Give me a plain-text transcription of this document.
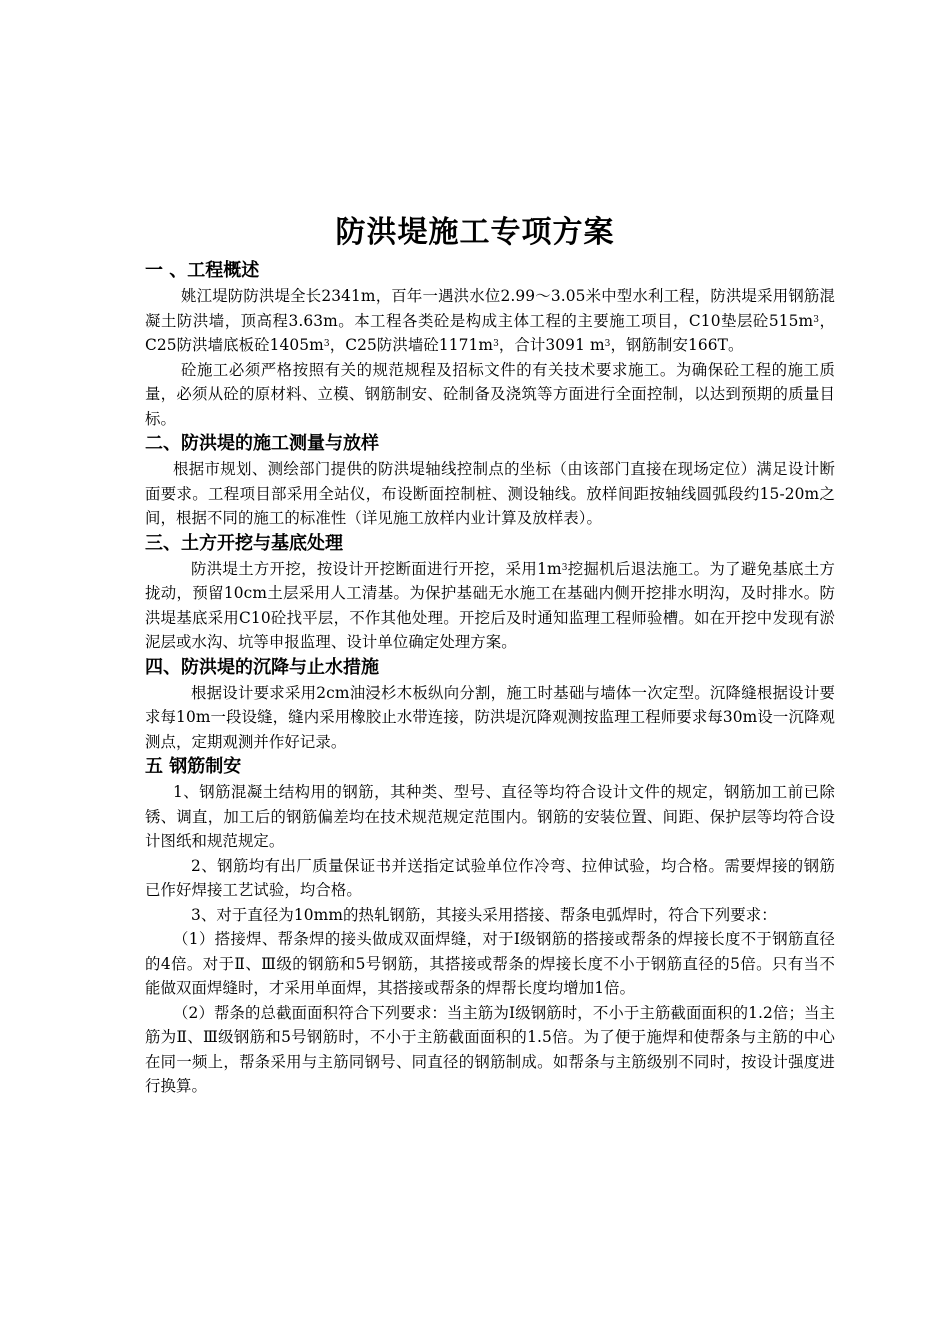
防洪堤施工专项方案
一 、工程概述

姚江堤防防洪堤全长2341m，百年一遇洪水位2.99～3.05米中型水利工程，防洪堤采用钢筋混凝土防洪墙，顶高程3.63m。本工程各类砼是构成主体工程的主要施工项目，C10垫层砼$515m^3$，C25防洪墙底板砼$1405m^3$，C25防洪墙砼$1171m^3$，合计3091 $m^3$，钢筋制安166T。

砼施工必须严格按照有关的规范规程及招标文件的有关技术要求施工。为确保砼工程的施工质量，必须从砼的原材料、立模、钢筋制安、砼制备及浇筑等方面进行全面控制，以达到预期的质量目标。

二、防洪堤的施工测量与放样

根据市规划、测绘部门提供的防洪堤轴线控制点的坐标（由该部门直接在现场定位）满足设计断面要求。工程项目部采用全站仪，布设断面控制桩、测设轴线。放样间距按轴线圆弧段约15-20m之间，根据不同的施工的标准性（详见施工放样内业计算及放样表）。

三、土方开挖与基底处理

防洪堤土方开挖，按设计开挖断面进行开挖，采用$1m^3$挖掘机后退法施工。为了避免基底土方拢动，预留10cm土层采用人工清基。为保护基础无水施工在基础内侧开挖排水明沟，及时排水。防洪堤基底采用C10砼找平层，不作其他处理。开挖后及时通知监理工程师验槽。如在开挖中发现有淤泥层或水沟、坑等申报监理、设计单位确定处理方案。

四、防洪堤的沉降与止水措施

根据设计要求采用2cm油浸杉木板纵向分割，施工时基础与墙体一次定型。沉降缝根据设计要求每10m一段设缝，缝内采用橡胶止水带连接，防洪堤沉降观测按监理工程师要求每30m设一沉降观测点，定期观测并作好记录。

五 钢筋制安

1、钢筋混凝土结构用的钢筋，其种类、型号、直径等均符合设计文件的规定，钢筋加工前已除锈、调直，加工后的钢筋偏差均在技术规范规定范围内。钢筋的安装位置、间距、保护层等均符合设计图纸和规范规定。

2、钢筋均有出厂质量保证书并送指定试验单位作冷弯、拉伸试验，均合格。需要焊接的钢筋已作好焊接工艺试验，均合格。

3、对于直径为10mm的热轧钢筋，其接头采用搭接、帮条电弧焊时，符合下列要求：

（1）搭接焊、帮条焊的接头做成双面焊缝，对于Ⅰ级钢筋的搭接或帮条的焊接长度不于钢筋直径的4倍。对于Ⅱ、Ⅲ级的钢筋和5号钢筋，其搭接或帮条的焊接长度不小于钢筋直径的5倍。只有当不能做双面焊缝时，才采用单面焊，其搭接或帮条的焊帮长度均增加1倍。

（2）帮条的总截面面积符合下列要求：当主筋为Ⅰ级钢筋时，不小于主筋截面面积的1.2倍；当主筋为Ⅱ、Ⅲ级钢筋和5号钢筋时，不小于主筋截面面积的1.5倍。为了便于施焊和使帮条与主筋的中心在同一频上，帮条采用与主筋同钢号、同直径的钢筋制成。如帮条与主筋级别不同时，按设计强度进行换算。
